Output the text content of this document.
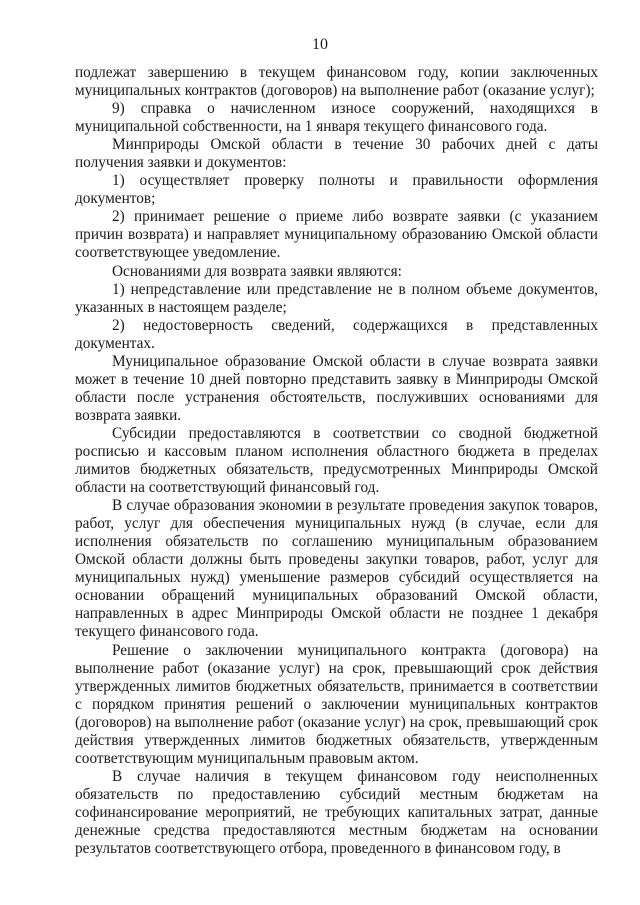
10

подлежат завершению в текущем финансовом году, копии заключенных муниципальных контрактов (договоров) на выполнение работ (оказание услуг);

9) справка о начисленном износе сооружений, находящихся в муниципальной собственности, на 1 января текущего финансового года.

Минприроды Омской области в течение 30 рабочих дней с даты получения заявки и документов:

1) осуществляет проверку полноты и правильности оформления документов;

2) принимает решение о приеме либо возврате заявки (с указанием причин возврата) и направляет муниципальному образованию Омской области соответствующее уведомление.

Основаниями для возврата заявки являются:

1) непредставление или представление не в полном объеме документов, указанных в настоящем разделе;

2) недостоверность сведений, содержащихся в представленных документах.

Муниципальное образование Омской области в случае возврата заявки может в течение 10 дней повторно представить заявку в Минприроды Омской области после устранения обстоятельств, послуживших основаниями для возврата заявки.

Субсидии предоставляются в соответствии со сводной бюджетной росписью и кассовым планом исполнения областного бюджета в пределах лимитов бюджетных обязательств, предусмотренных Минприроды Омской области на соответствующий финансовый год.

В случае образования экономии в результате проведения закупок товаров, работ, услуг для обеспечения муниципальных нужд (в случае, если для исполнения обязательств по соглашению муниципальным образованием Омской области должны быть проведены закупки товаров, работ, услуг для муниципальных нужд) уменьшение размеров субсидий осуществляется на основании обращений муниципальных образований Омской области, направленных в адрес Минприроды Омской области не позднее 1 декабря текущего финансового года.

Решение о заключении муниципального контракта (договора) на выполнение работ (оказание услуг) на срок, превышающий срок действия утвержденных лимитов бюджетных обязательств, принимается в соответствии с порядком принятия решений о заключении муниципальных контрактов (договоров) на выполнение работ (оказание услуг) на срок, превышающий срок действия утвержденных лимитов бюджетных обязательств, утвержденным соответствующим муниципальным правовым актом.

В случае наличия в текущем финансовом году неисполненных обязательств по предоставлению субсидий местным бюджетам на софинансирование мероприятий, не требующих капитальных затрат, данные денежные средства предоставляются местным бюджетам на основании результатов соответствующего отбора, проведенного в финансовом году, в
